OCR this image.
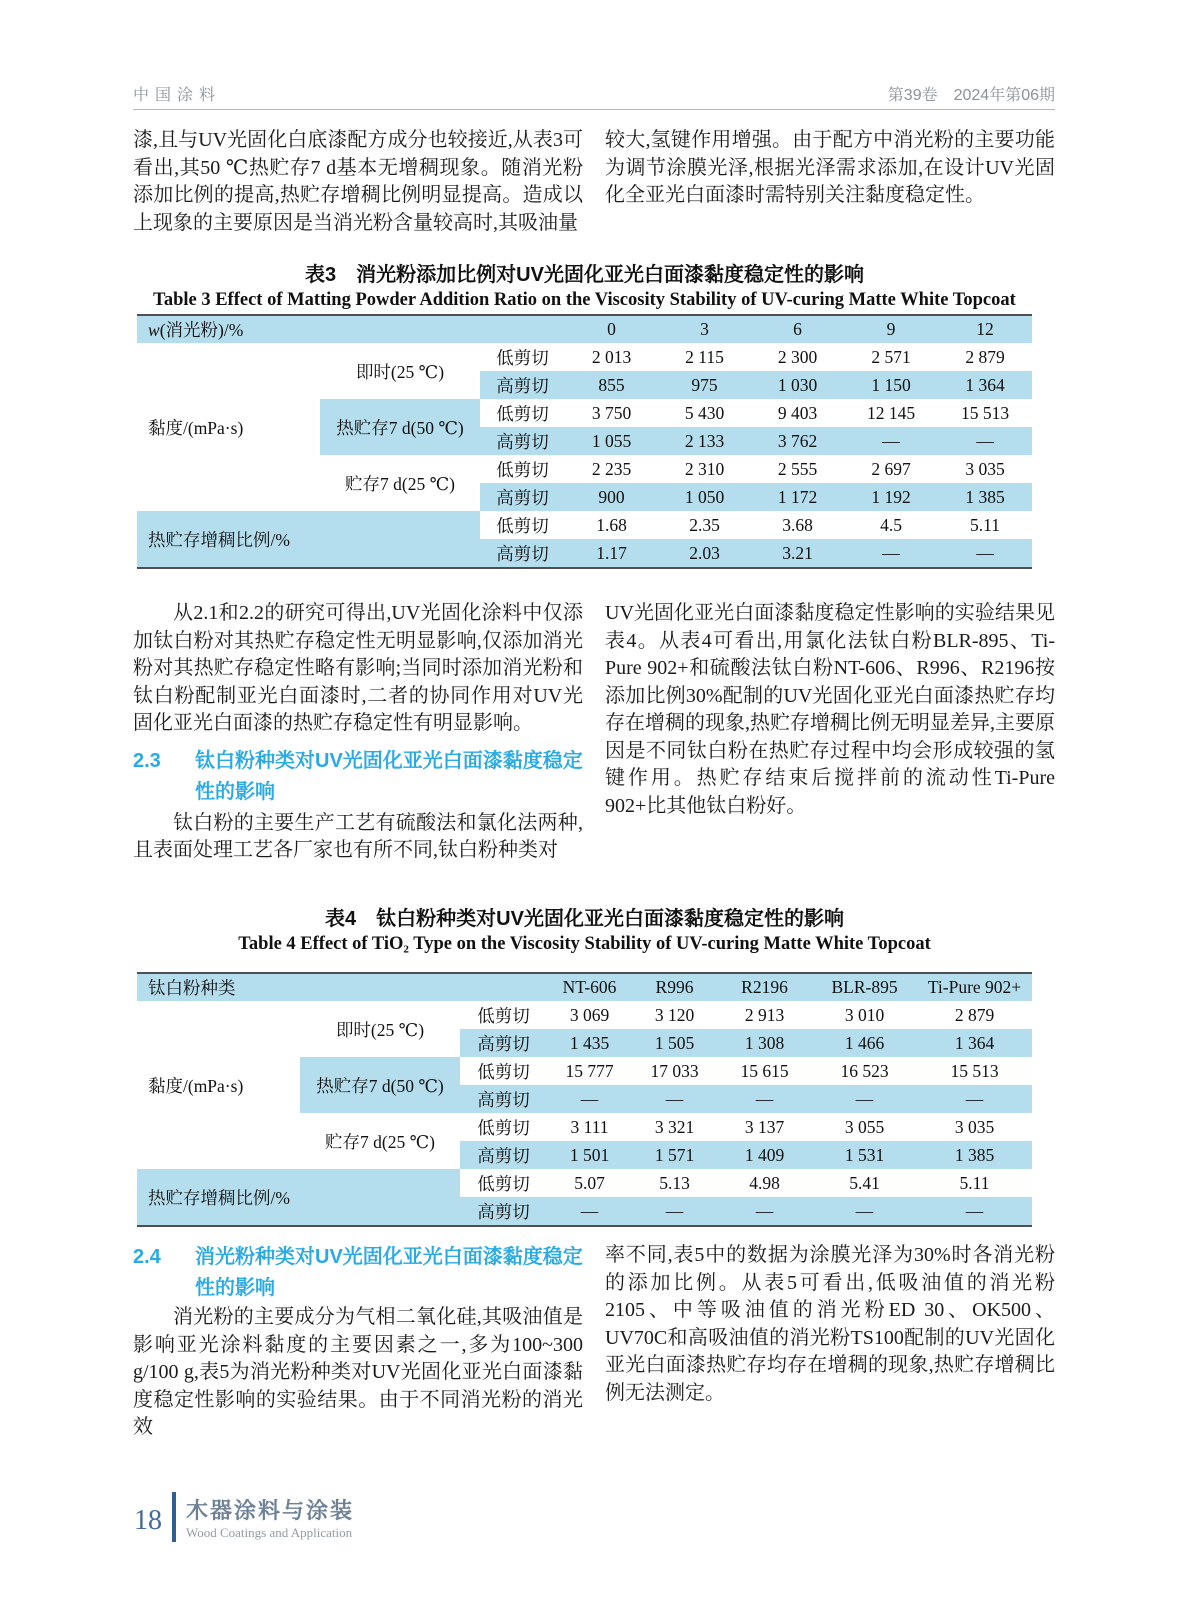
中国涂料	第39卷　2024年第06期

漆,且与UV光固化白底漆配方成分也较接近,从表3可看出,其50 ℃热贮存7 d基本无增稠现象。随消光粉添加比例的提高,热贮存增稠比例明显提高。造成以上现象的主要原因是当消光粉含量较高时,其吸油量

较大,氢键作用增强。由于配方中消光粉的主要功能为调节涂膜光泽,根据光泽需求添加,在设计UV光固化全亚光白面漆时需特别关注黏度稳定性。

表3　消光粉添加比例对UV光固化亚光白面漆黏度稳定性的影响
Table 3 Effect of Matting Powder Addition Ratio on the Viscosity Stability of UV-curing Matte White Topcoat
w(消光粉)/%			0	3	6	9	12
黏度/(mPa·s)	即时(25 ℃)	低剪切	2 013	2 115	2 300	2 571	2 879
		高剪切	855	975	1 030	1 150	1 364
	热贮存7 d(50 ℃)	低剪切	3 750	5 430	9 403	12 145	15 513
		高剪切	1 055	2 133	3 762	—	—
	贮存7 d(25 ℃)	低剪切	2 235	2 310	2 555	2 697	3 035
		高剪切	900	1 050	1 172	1 192	1 385
热贮存增稠比例/%		低剪切	1.68	2.35	3.68	4.5	5.11
		高剪切	1.17	2.03	3.21	—	—

从2.1和2.2的研究可得出,UV光固化涂料中仅添加钛白粉对其热贮存稳定性无明显影响,仅添加消光粉对其热贮存稳定性略有影响;当同时添加消光粉和钛白粉配制亚光白面漆时,二者的协同作用对UV光固化亚光白面漆的热贮存稳定性有明显影响。

2.3	钛白粉种类对UV光固化亚光白面漆黏度稳定性的影响

钛白粉的主要生产工艺有硫酸法和氯化法两种,且表面处理工艺各厂家也有所不同,钛白粉种类对

UV光固化亚光白面漆黏度稳定性影响的实验结果见表4。从表4可看出,用氯化法钛白粉BLR-895、Ti-Pure 902+和硫酸法钛白粉NT-606、R996、R2196按添加比例30%配制的UV光固化亚光白面漆热贮存均存在增稠的现象,热贮存增稠比例无明显差异,主要原因是不同钛白粉在热贮存过程中均会形成较强的氢键作用。热贮存结束后搅拌前的流动性Ti-Pure 902+比其他钛白粉好。

表4　钛白粉种类对UV光固化亚光白面漆黏度稳定性的影响
Table 4 Effect of TiO₂ Type on the Viscosity Stability of UV-curing Matte White Topcoat
钛白粉种类			NT-606	R996	R2196	BLR-895	Ti-Pure 902+
黏度/(mPa·s)	即时(25 ℃)	低剪切	3 069	3 120	2 913	3 010	2 879
		高剪切	1 435	1 505	1 308	1 466	1 364
	热贮存7 d(50 ℃)	低剪切	15 777	17 033	15 615	16 523	15 513
		高剪切	—	—	—	—	—
	贮存7 d(25 ℃)	低剪切	3 111	3 321	3 137	3 055	3 035
		高剪切	1 501	1 571	1 409	1 531	1 385
热贮存增稠比例/%		低剪切	5.07	5.13	4.98	5.41	5.11
		高剪切	—	—	—	—	—
2.4	消光粉种类对UV光固化亚光白面漆黏度稳定性的影响

消光粉的主要成分为气相二氧化硅,其吸油值是影响亚光涂料黏度的主要因素之一,多为100~300 g/100 g,表5为消光粉种类对UV光固化亚光白面漆黏度稳定性影响的实验结果。由于不同消光粉的消光效

率不同,表5中的数据为涂膜光泽为30%时各消光粉的添加比例。从表5可看出,低吸油值的消光粉2105、中等吸油值的消光粉ED 30、OK500、UV70C和高吸油值的消光粉TS100配制的UV光固化亚光白面漆热贮存均存在增稠的现象,热贮存增稠比例无法测定。

18 木器涂料与涂装
Wood Coatings and Application
